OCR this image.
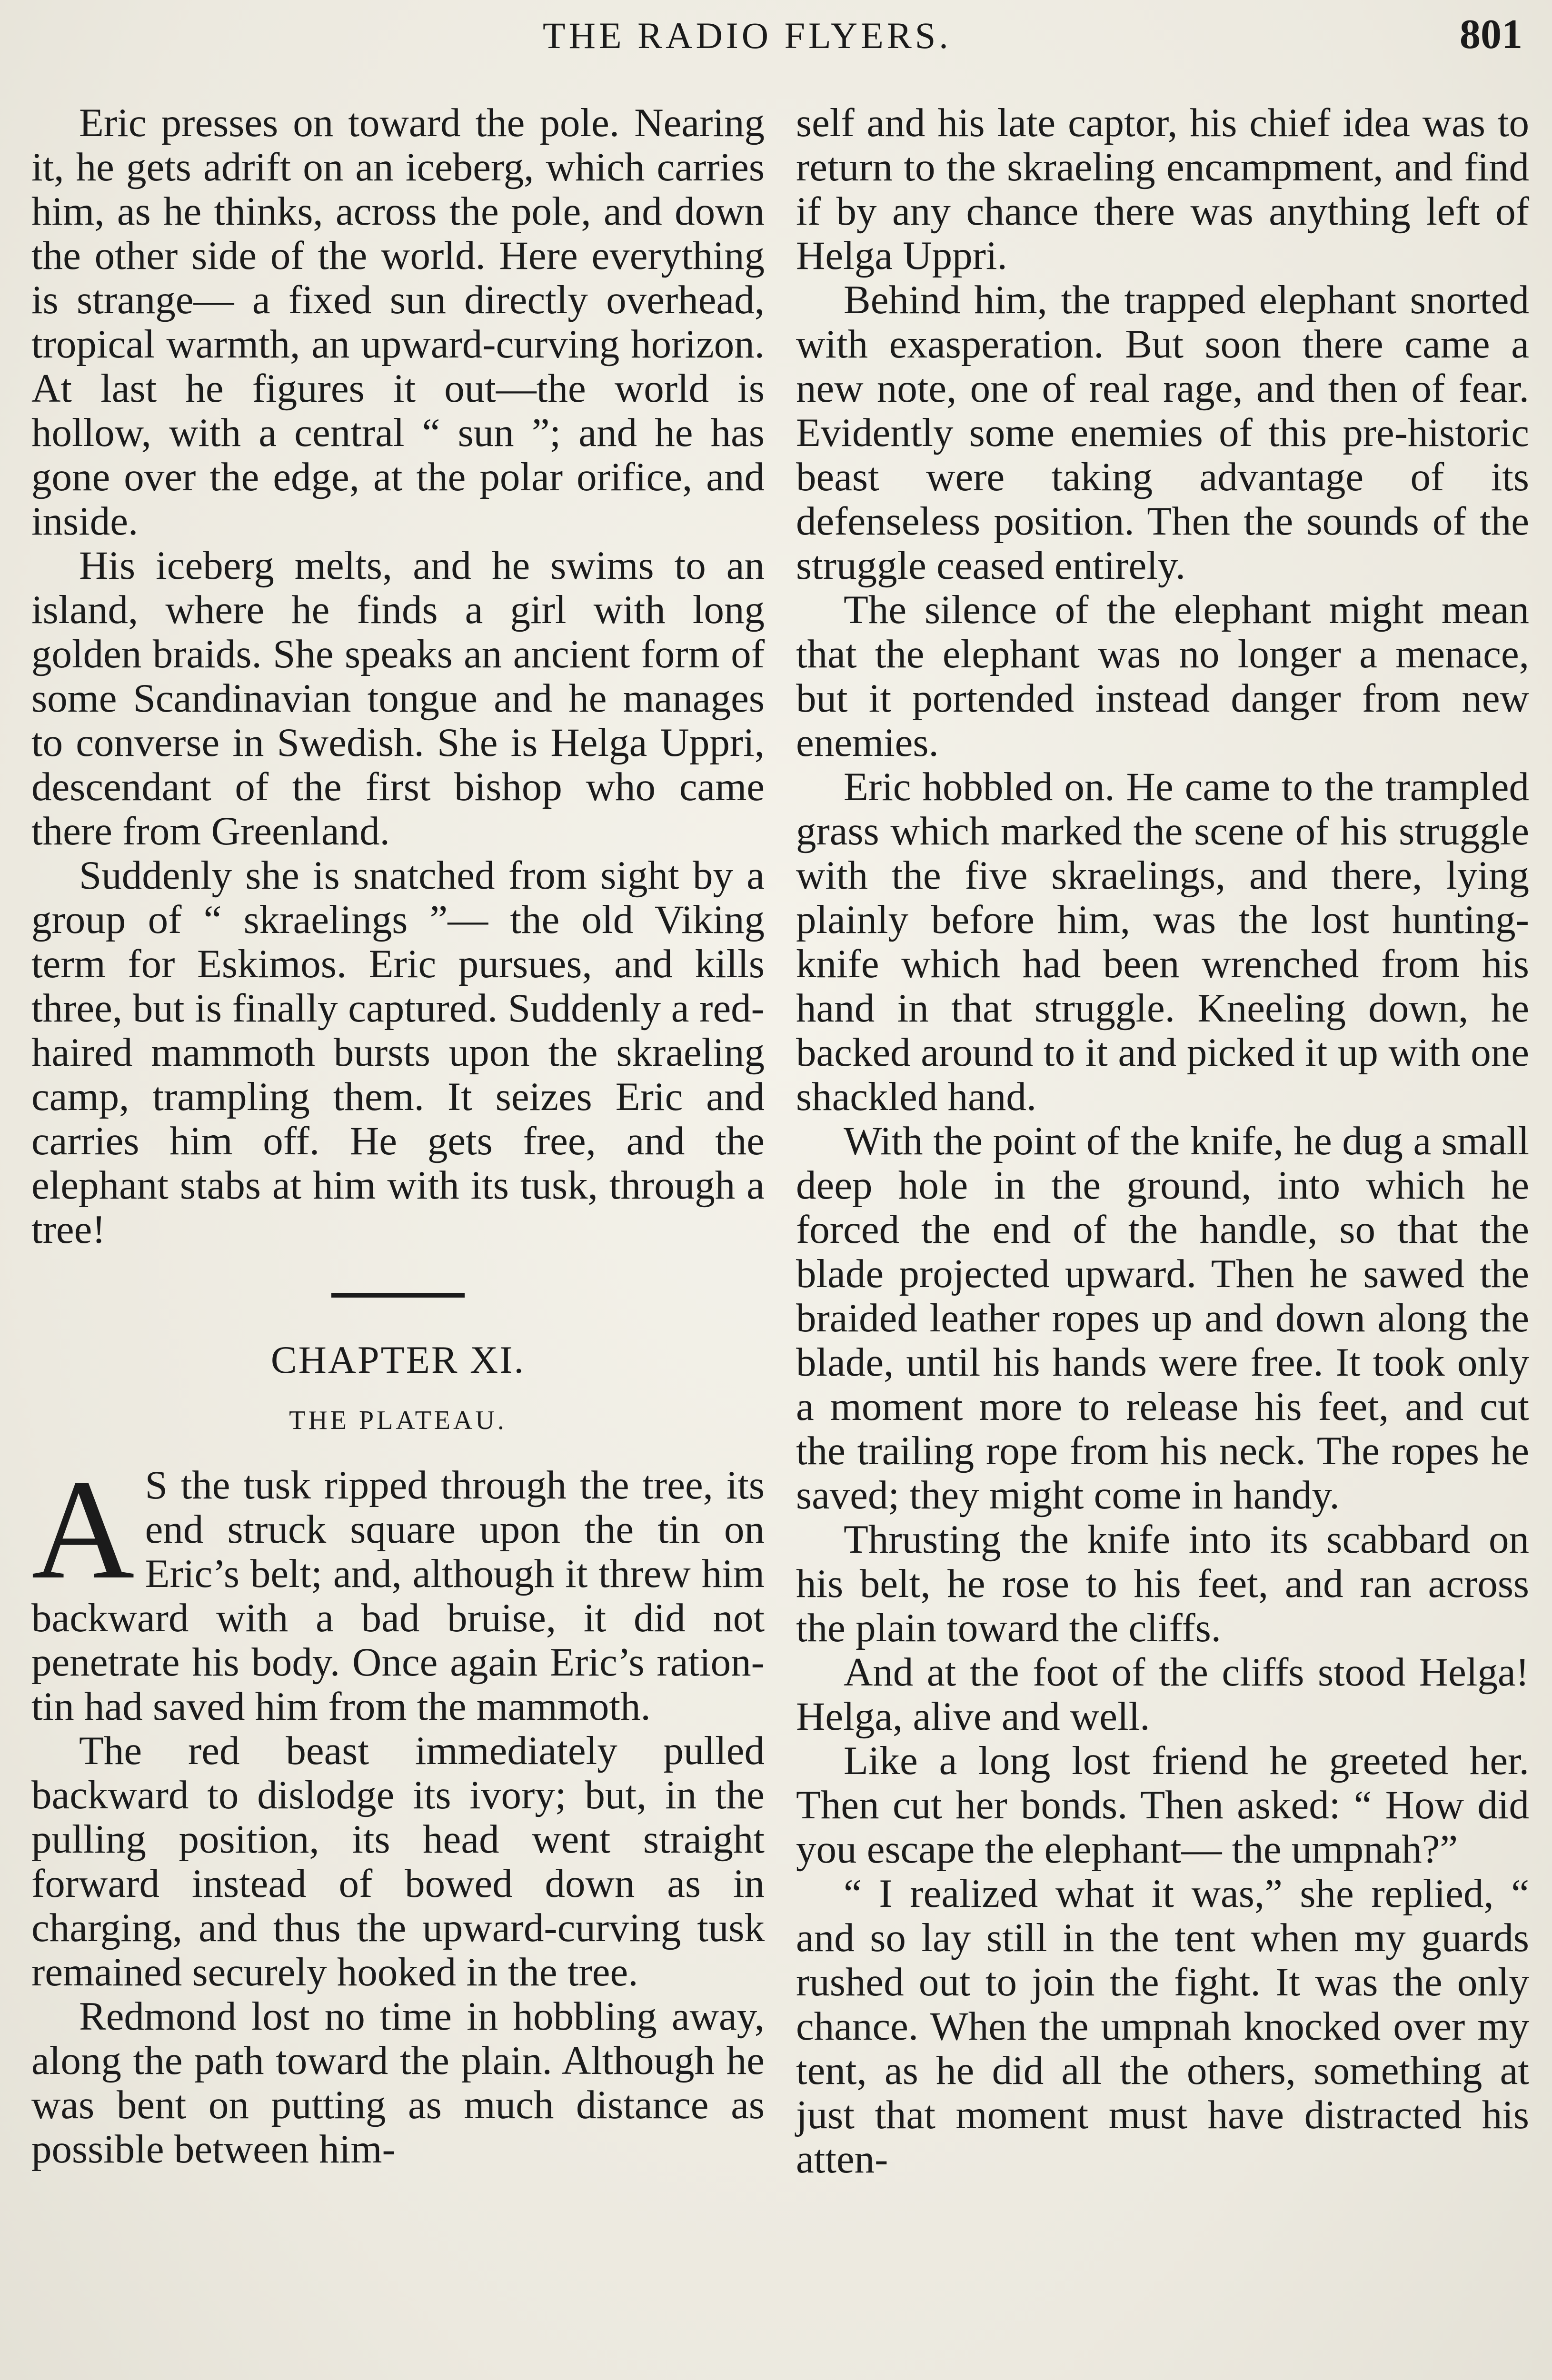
THE RADIO FLYERS.	801

Eric presses on toward the pole. Nearing it, he gets adrift on an iceberg, which carries him, as he thinks, across the pole, and down the other side of the world. Here everything is strange— a fixed sun directly overhead, tropical warmth, an upward-curving horizon. At last he figures it out—the world is hollow, with a central “ sun ”; and he has gone over the edge, at the polar orifice, and inside.

His iceberg melts, and he swims to an island, where he finds a girl with long golden braids. She speaks an ancient form of some Scandinavian tongue and he manages to converse in Swedish. She is Helga Uppri, descendant of the first bishop who came there from Greenland.

Suddenly she is snatched from sight by a group of “ skraelings ”— the old Viking term for Eskimos. Eric pursues, and kills three, but is finally captured. Suddenly a red-haired mammoth bursts upon the skraeling camp, trampling them. It seizes Eric and carries him off. He gets free, and the elephant stabs at him with its tusk, through a tree!

CHAPTER XI.
THE PLATEAU.
A S the tusk ripped through the tree, its end struck square upon the tin on Eric’s belt; and, although it threw him backward with a bad bruise, it did not penetrate his body. Once again Eric’s ration-tin had saved him from the mammoth.

The red beast immediately pulled backward to dislodge its ivory; but, in the pulling position, its head went straight forward instead of bowed down as in charging, and thus the upward-curving tusk remained securely hooked in the tree.

Redmond lost no time in hobbling away, along the path toward the plain. Although he was bent on putting as much distance as possible between him-

self and his late captor, his chief idea was to return to the skraeling encampment, and find if by any chance there was anything left of Helga Uppri.

Behind him, the trapped elephant snorted with exasperation. But soon there came a new note, one of real rage, and then of fear. Evidently some enemies of this pre-historic beast were taking advantage of its defenseless position. Then the sounds of the struggle ceased entirely.

The silence of the elephant might mean that the elephant was no longer a menace, but it portended instead danger from new enemies.

Eric hobbled on. He came to the trampled grass which marked the scene of his struggle with the five skraelings, and there, lying plainly before him, was the lost hunting-knife which had been wrenched from his hand in that struggle. Kneeling down, he backed around to it and picked it up with one shackled hand.

With the point of the knife, he dug a small deep hole in the ground, into which he forced the end of the handle, so that the blade projected upward. Then he sawed the braided leather ropes up and down along the blade, until his hands were free. It took only a moment more to release his feet, and cut the trailing rope from his neck. The ropes he saved; they might come in handy.

Thrusting the knife into its scabbard on his belt, he rose to his feet, and ran across the plain toward the cliffs.

And at the foot of the cliffs stood Helga! Helga, alive and well.

Like a long lost friend he greeted her. Then cut her bonds. Then asked: “ How did you escape the elephant— the umpnah?”

“ I realized what it was,” she replied, “ and so lay still in the tent when my guards rushed out to join the fight. It was the only chance. When the umpnah knocked over my tent, as he did all the others, something at just that moment must have distracted his atten-
